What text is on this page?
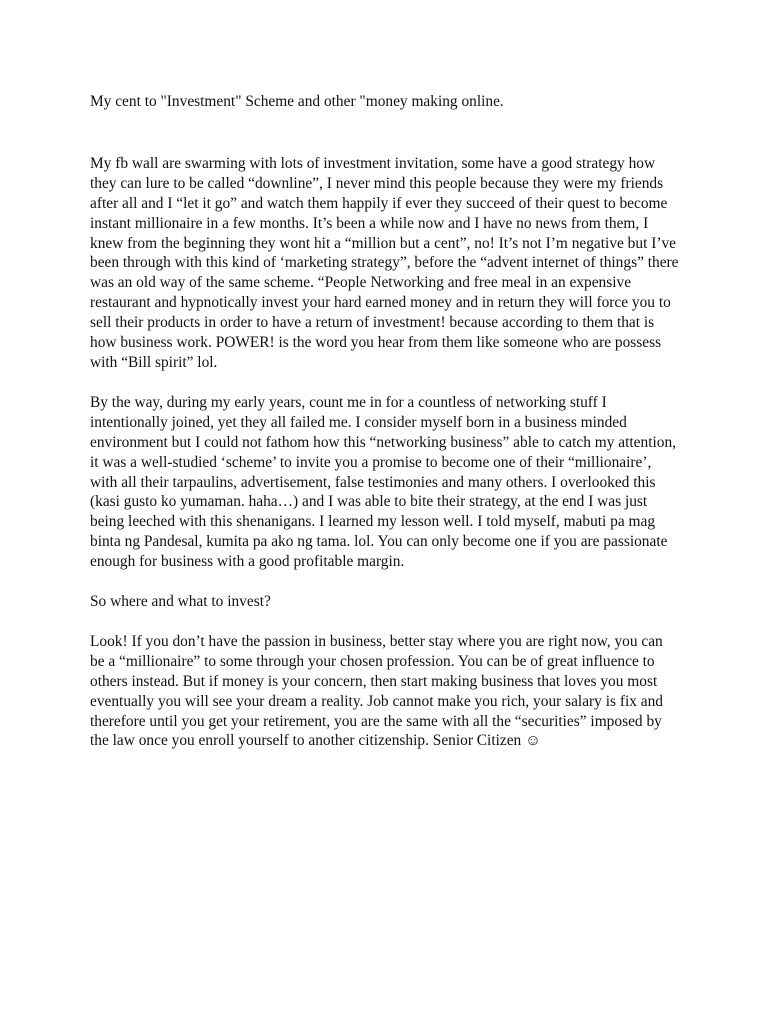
My cent to "Investment" Scheme and other "money making online.

My fb wall are swarming with lots of investment invitation, some have a good strategy how they can lure to be called “downline”, I never mind this people because they were my friends after all and I “let it go” and watch them happily if ever they succeed of their quest to become instant millionaire in a few months. It’s been a while now and I have no news from them, I knew from the beginning they wont hit a “million but a cent”, no! It’s not I’m negative but I’ve been through with this kind of ‘marketing strategy”, before the “advent internet of things” there was an old way of the same scheme. “People Networking and free meal in an expensive restaurant and hypnotically invest your hard earned money and in return they will force you to sell their products in order to have a return of investment! because according to them that is how business work. POWER! is the word you hear from them like someone who are possess with “Bill spirit” lol.

By the way, during my early years, count me in for a countless of networking stuff I intentionally joined, yet they all failed me. I consider myself born in a business minded environment but I could not fathom how this “networking business” able to catch my attention, it was a well-studied ‘scheme’ to invite you a promise to become one of their “millionaire’, with all their tarpaulins, advertisement, false testimonies and many others. I overlooked this (kasi gusto ko yumaman. haha…) and I was able to bite their strategy, at the end I was just being leeched with this shenanigans. I learned my lesson well. I told myself, mabuti pa mag binta ng Pandesal, kumita pa ako ng tama. lol. You can only become one if you are passionate enough for business with a good profitable margin.

So where and what to invest?

Look! If you don’t have the passion in business, better stay where you are right now, you can be a “millionaire” to some through your chosen profession. You can be of great influence to others instead. But if money is your concern, then start making business that loves you most eventually you will see your dream a reality. Job cannot make you rich, your salary is fix and therefore until you get your retirement, you are the same with all the “securities” imposed by the law once you enroll yourself to another citizenship. Senior Citizen ☺
